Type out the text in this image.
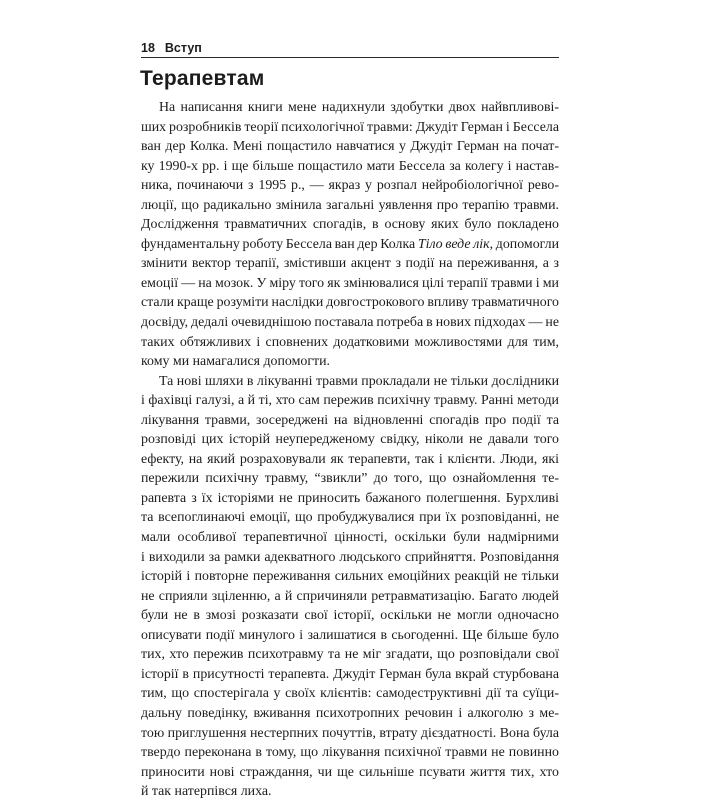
18 Вступ
Терапевтам

На написання книги мене надихнули здобутки двох найвпливові-
ших розробників теорії психологічної травми: Джудіт Герман і Бессела
ван дер Колка. Мені пощастило навчатися у Джудіт Герман на почат-
ку 1990-х рр. і ще більше пощастило мати Бессела за колегу і настав-
ника, починаючи з 1995 р., — якраз у розпал нейробіологічної рево-
люції, що радикально змінила загальні уявлення про терапію травми.
Дослідження травматичних спогадів, в основу яких було покладено
фундаментальну роботу Бессела ван дер Колка Тіло веде лік, допомогли
змінити вектор терапії, змістивши акцент з події на переживання, а з
емоції — на мозок. У міру того як змінювалися цілі терапії травми і ми
стали краще розуміти наслідки довгострокового впливу травматичного
досвіду, дедалі очевиднішою поставала потреба в нових підходах — не
таких обтяжливих і сповнених додатковими можливостями для тим,
кому ми намагалися допомогти.

Та нові шляхи в лікуванні травми прокладали не тільки дослідники
і фахівці галузі, а й ті, хто сам пережив психічну травму. Ранні методи
лікування травми, зосереджені на відновленні спогадів про події та
розповіді цих історій неупередженому свідку, ніколи не давали того
ефекту, на який розраховували як терапевти, так і клієнти. Люди, які
пережили психічну травму, “звикли” до того, що ознайомлення те-
рапевта з їх історіями не приносить бажаного полегшення. Бурхливі
та всепоглинаючі емоції, що пробуджувалися при їх розповіданні, не
мали особливої терапевтичної цінності, оскільки були надмірними
і виходили за рамки адекватного людського сприйняття. Розповідання
історій і повторне переживання сильних емоційних реакцій не тільки
не сприяли зціленню, а й спричиняли ретравматизацію. Багато людей
були не в змозі розказати свої історії, оскільки не могли одночасно
описувати події минулого і залишатися в сьогоденні. Ще більше було
тих, хто пережив психотравму та не міг згадати, що розповідали свої
історії в присутності терапевта. Джудіт Герман була вкрай стурбована
тим, що спостерігала у своїх клієнтів: самодеструктивні дії та суїци-
дальну поведінку, вживання психотропних речовин і алкоголю з ме-
тою приглушення нестерпних почуттів, втрату дієздатності. Вона була
твердо переконана в тому, що лікування психічної травми не повинно
приносити нові страждання, чи ще сильніше псувати життя тих, хто
й так натерпівся лиха.
